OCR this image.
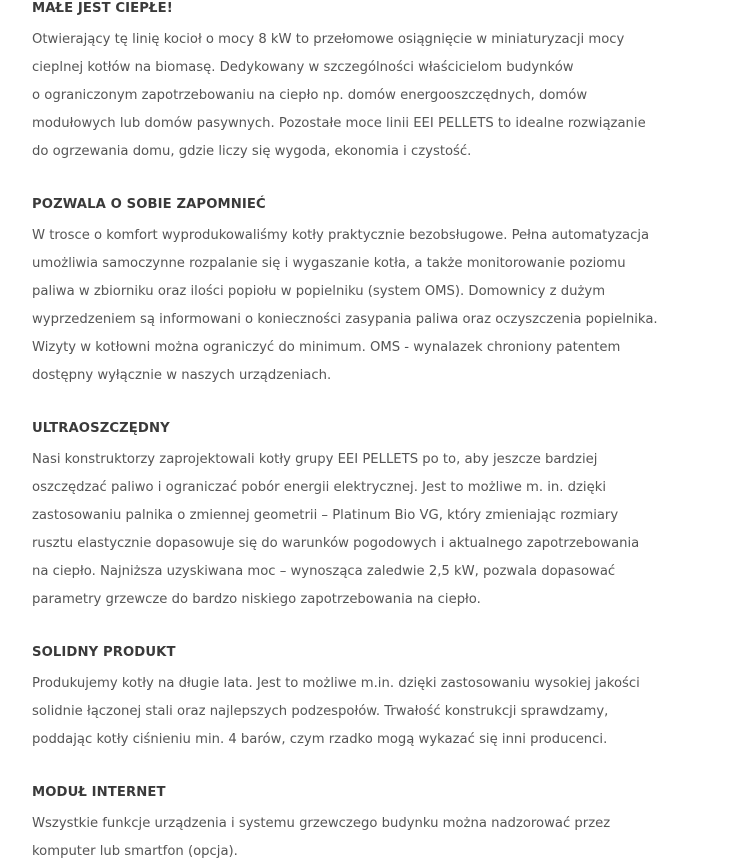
MAŁE JEST CIEPŁE!
Otwierający tę linię kocioł o mocy 8 kW to przełomowe osiągnięcie w miniaturyzacji mocy
cieplnej kotłów na biomasę. Dedykowany w szczególności właścicielom budynków
o ograniczonym zapotrzebowaniu na ciepło np. domów energooszczędnych, domów
modułowych lub domów pasywnych. Pozostałe moce linii EEI PELLETS to idealne rozwiązanie
do ogrzewania domu, gdzie liczy się wygoda, ekonomia i czystość.
POZWALA O SOBIE ZAPOMNIEĆ
W trosce o komfort wyprodukowaliśmy kotły praktycznie bezobsługowe. Pełna automatyzacja
umożliwia samoczynne rozpalanie się i wygaszanie kotła, a także monitorowanie poziomu
paliwa w zbiorniku oraz ilości popiołu w popielniku (system OMS). Domownicy z dużym
wyprzedzeniem są informowani o konieczności zasypania paliwa oraz oczyszczenia popielnika.
Wizyty w kotłowni można ograniczyć do minimum. OMS - wynalazek chroniony patentem
dostępny wyłącznie w naszych urządzeniach.
ULTRAOSZCZĘDNY
Nasi konstruktorzy zaprojektowali kotły grupy EEI PELLETS po to, aby jeszcze bardziej
oszczędzać paliwo i ograniczać pobór energii elektrycznej. Jest to możliwe m. in. dzięki
zastosowaniu palnika o zmiennej geometrii – Platinum Bio VG, który zmieniając rozmiary
rusztu elastycznie dopasowuje się do warunków pogodowych i aktualnego zapotrzebowania
na ciepło. Najniższa uzyskiwana moc – wynosząca zaledwie 2,5 kW, pozwala dopasować
parametry grzewcze do bardzo niskiego zapotrzebowania na ciepło.
SOLIDNY PRODUKT
Produkujemy kotły na długie lata. Jest to możliwe m.in. dzięki zastosowaniu wysokiej jakości
solidnie łączonej stali oraz najlepszych podzespołów. Trwałość konstrukcji sprawdzamy,
poddając kotły ciśnieniu min. 4 barów, czym rzadko mogą wykazać się inni producenci.
MODUŁ INTERNET
Wszystkie funkcje urządzenia i systemu grzewczego budynku można nadzorować przez
komputer lub smartfon (opcja).
